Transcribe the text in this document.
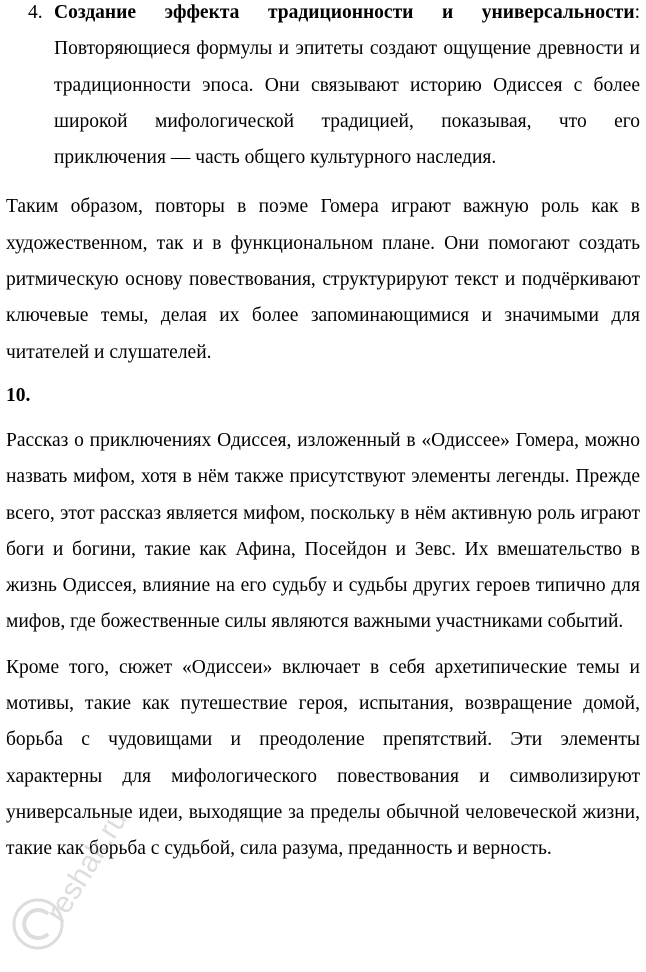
4. Создание эффекта традиционности и универсальности: Повторяющиеся формулы и эпитеты создают ощущение древности и традиционности эпоса. Они связывают историю Одиссея с более широкой мифологической традицией, показывая, что его приключения — часть общего культурного наследия.

Таким образом, повторы в поэме Гомера играют важную роль как в художественном, так и в функциональном плане. Они помогают создать ритмическую основу повествования, структурируют текст и подчёркивают ключевые темы, делая их более запоминающимися и значимыми для читателей и слушателей.

10.

Рассказ о приключениях Одиссея, изложенный в «Одиссее» Гомера, можно назвать мифом, хотя в нём также присутствуют элементы легенды. Прежде всего, этот рассказ является мифом, поскольку в нём активную роль играют боги и богини, такие как Афина, Посейдон и Зевс. Их вмешательство в жизнь Одиссея, влияние на его судьбу и судьбы других героев типично для мифов, где божественные силы являются важными участниками событий.

Кроме того, сюжет «Одиссеи» включает в себя архетипические темы и мотивы, такие как путешествие героя, испытания, возвращение домой, борьба с чудовищами и преодоление препятствий. Эти элементы характерны для мифологического повествования и символизируют универсальные идеи, выходящие за пределы обычной человеческой жизни, такие как борьба с судьбой, сила разума, преданность и верность.

reshak.ru
